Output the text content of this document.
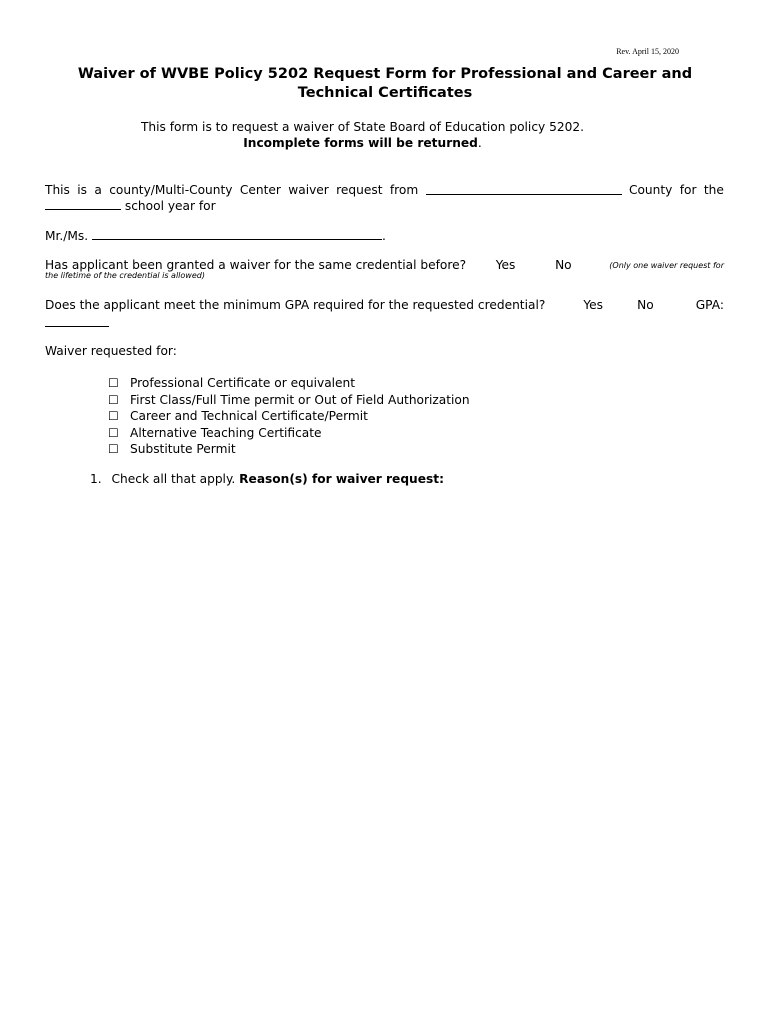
Rev. April 15, 2020
Waiver of WVBE Policy 5202 Request Form for Professional and Career and
Technical Certificates
This form is to request a waiver of State Board of Education policy 5202.
Incomplete forms will be returned.
This is a county/Multi-County Center waiver request from	County for the
school year for
Mr./Ms.	.
Has applicant been granted a waiver for the same credential before? Yes	No	(Only one waiver request for
the lifetime of the credential is allowed)
Does the applicant meet the minimum GPA required for the requested credential?	Yes	No	GPA:
Waiver requested for:
☐ Professional Certificate or equivalent
☐ First Class/Full Time permit or Out of Field Authorization
☐ Career and Technical Certificate/Permit
☐ Alternative Teaching Certificate
☐ Substitute Permit
1. Check all that apply. Reason(s) for waiver request:
